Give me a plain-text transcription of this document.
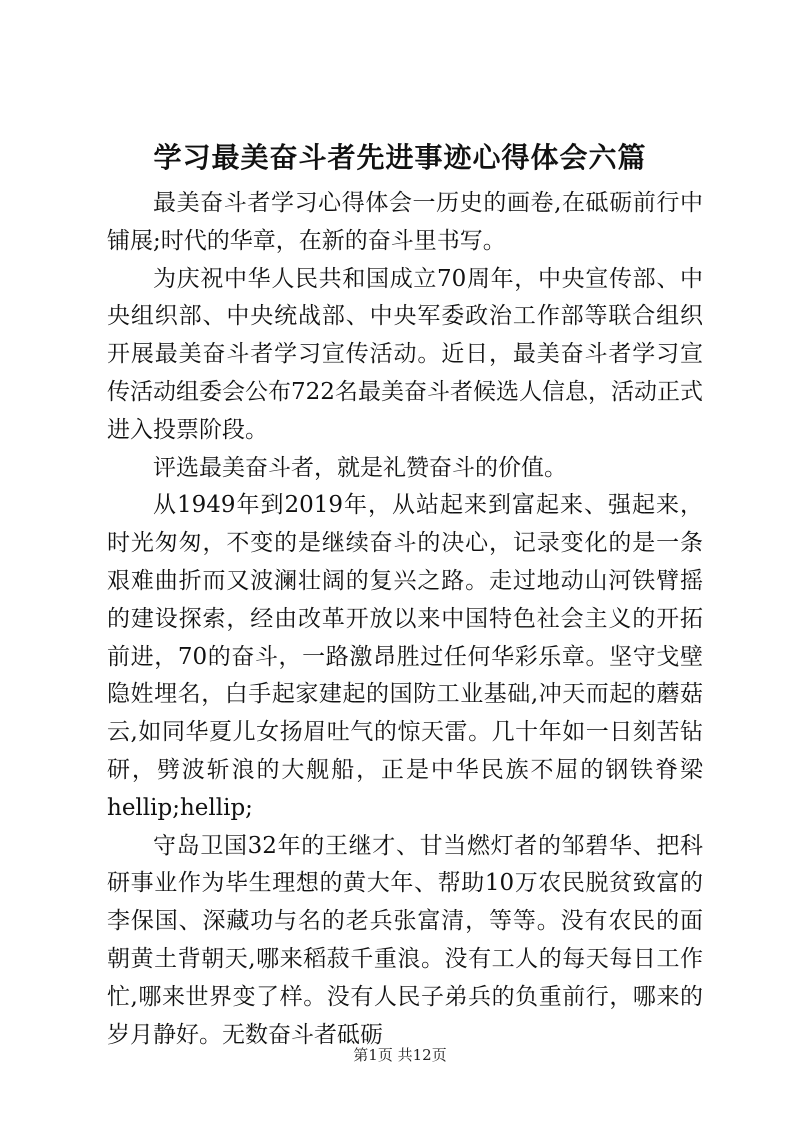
学习最美奋斗者先进事迹心得体会六篇

最美奋斗者学习心得体会一历史的画卷,在砥砺前行中铺展;时代的华章，在新的奋斗里书写。

为庆祝中华人民共和国成立70周年，中央宣传部、中央组织部、中央统战部、中央军委政治工作部等联合组织开展最美奋斗者学习宣传活动。近日，最美奋斗者学习宣传活动组委会公布722名最美奋斗者候选人信息，活动正式进入投票阶段。

评选最美奋斗者，就是礼赞奋斗的价值。

从1949年到2019年，从站起来到富起来、强起来，时光匆匆，不变的是继续奋斗的决心，记录变化的是一条艰难曲折而又波澜壮阔的复兴之路。走过地动山河铁臂摇的建设探索，经由改革开放以来中国特色社会主义的开拓前进，70的奋斗，一路激昂胜过任何华彩乐章。坚守戈壁隐姓埋名，白手起家建起的国防工业基础,冲天而起的蘑菇云,如同华夏儿女扬眉吐气的惊天雷。几十年如一日刻苦钻研，劈波斩浪的大舰船，正是中华民族不屈的钢铁脊梁hellip;hellip;

守岛卫国32年的王继才、甘当燃灯者的邹碧华、把科研事业作为毕生理想的黄大年、帮助10万农民脱贫致富的李保国、深藏功与名的老兵张富清，等等。没有农民的面朝黄土背朝天,哪来稻菽千重浪。没有工人的每天每日工作忙,哪来世界变了样。没有人民子弟兵的负重前行，哪来的岁月静好。无数奋斗者砥砺

第1页 共12页
